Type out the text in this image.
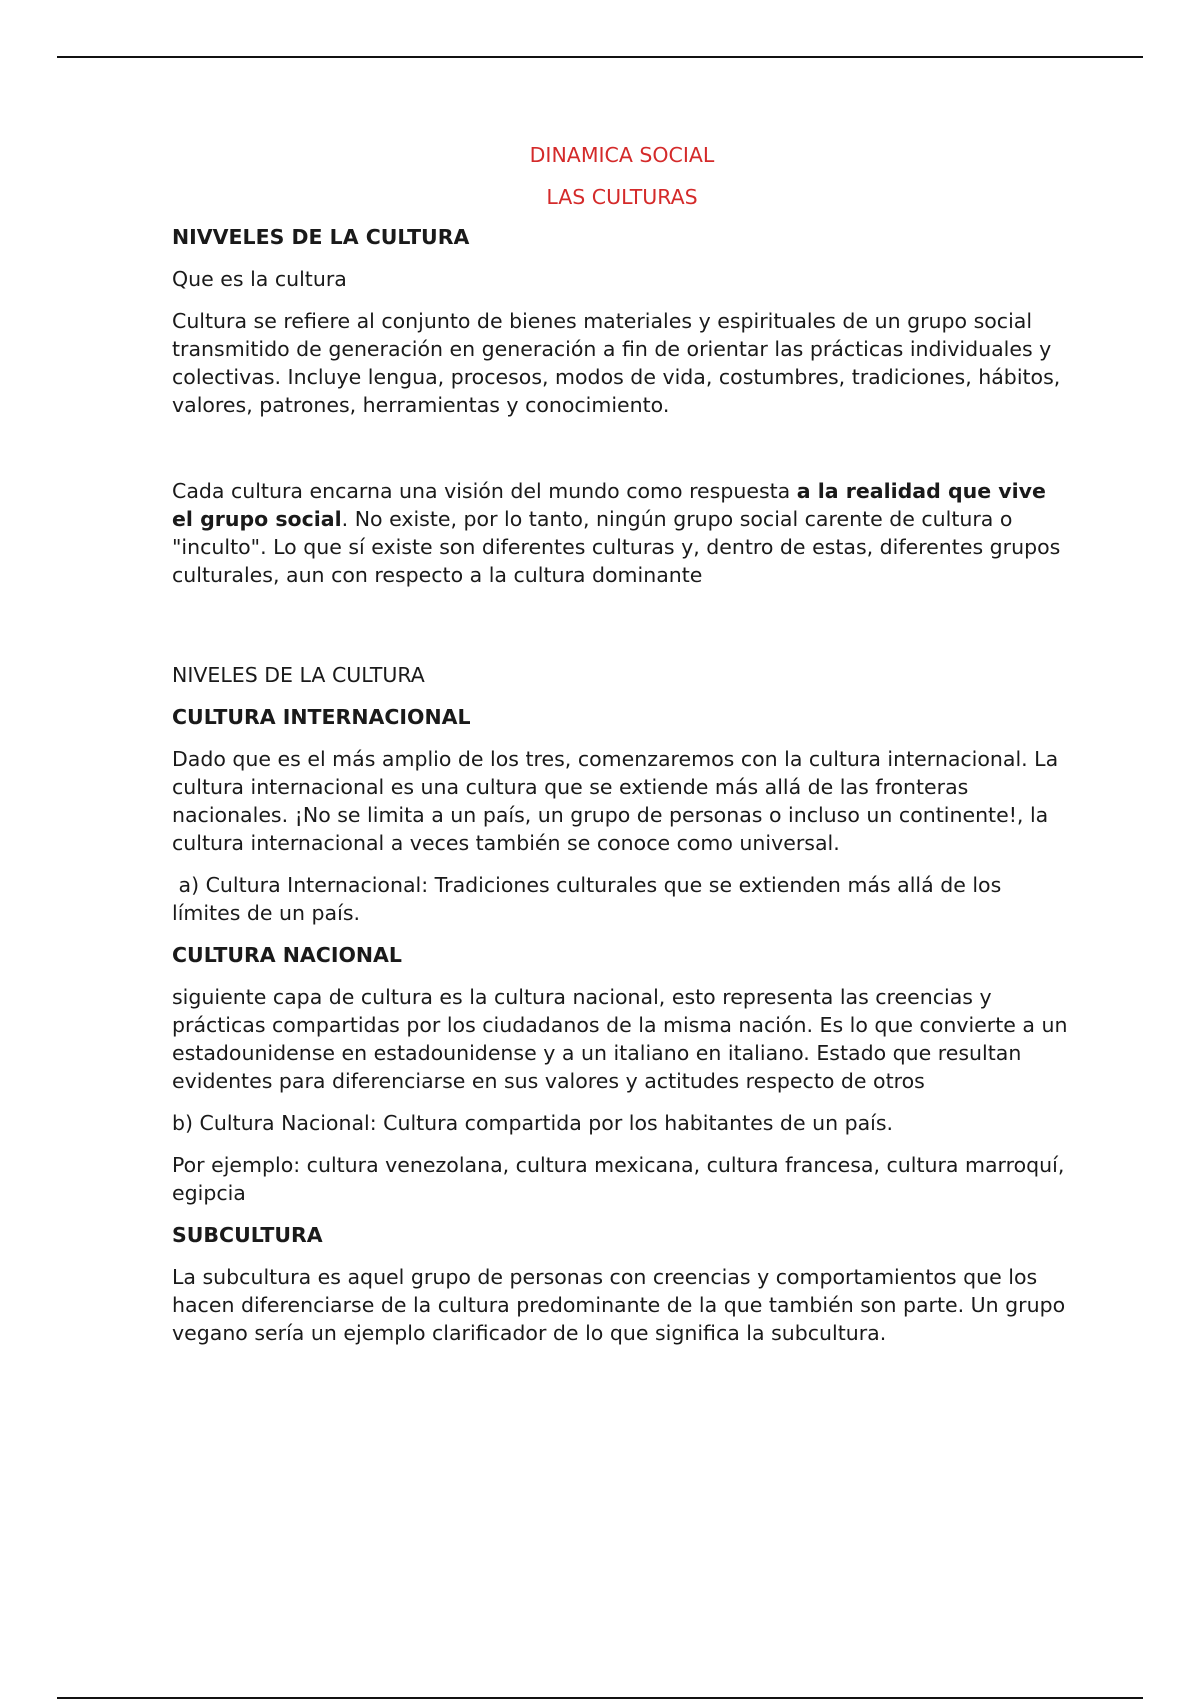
DINAMICA SOCIAL
LAS CULTURAS
NIVVELES DE LA CULTURA
Que es la cultura
Cultura se refiere al conjunto de bienes materiales y espirituales de un grupo social transmitido de generación en generación a fin de orientar las prácticas individuales y colectivas. Incluye lengua, procesos, modos de vida, costumbres, tradiciones, hábitos, valores, patrones, herramientas y conocimiento.
Cada cultura encarna una visión del mundo como respuesta a la realidad que vive el grupo social. No existe, por lo tanto, ningún grupo social carente de cultura o "inculto". Lo que sí existe son diferentes culturas y, dentro de estas, diferentes grupos culturales, aun con respecto a la cultura dominante
NIVELES DE LA CULTURA
CULTURA INTERNACIONAL
Dado que es el más amplio de los tres, comenzaremos con la cultura internacional. La cultura internacional es una cultura que se extiende más allá de las fronteras nacionales. ¡No se limita a un país, un grupo de personas o incluso un continente!, la cultura internacional a veces también se conoce como universal.
a) Cultura Internacional: Tradiciones culturales que se extienden más allá de los límites de un país.
CULTURA NACIONAL
siguiente capa de cultura es la cultura nacional, esto representa las creencias y prácticas compartidas por los ciudadanos de la misma nación. Es lo que convierte a un estadounidense en estadounidense y a un italiano en italiano. Estado que resultan evidentes para diferenciarse en sus valores y actitudes respecto de otros
b) Cultura Nacional: Cultura compartida por los habitantes de un país.
Por ejemplo: cultura venezolana, cultura mexicana, cultura francesa, cultura marroquí, egipcia
SUBCULTURA
La subcultura es aquel grupo de personas con creencias y comportamientos que los hacen diferenciarse de la cultura predominante de la que también son parte. Un grupo vegano sería un ejemplo clarificador de lo que significa la subcultura.
